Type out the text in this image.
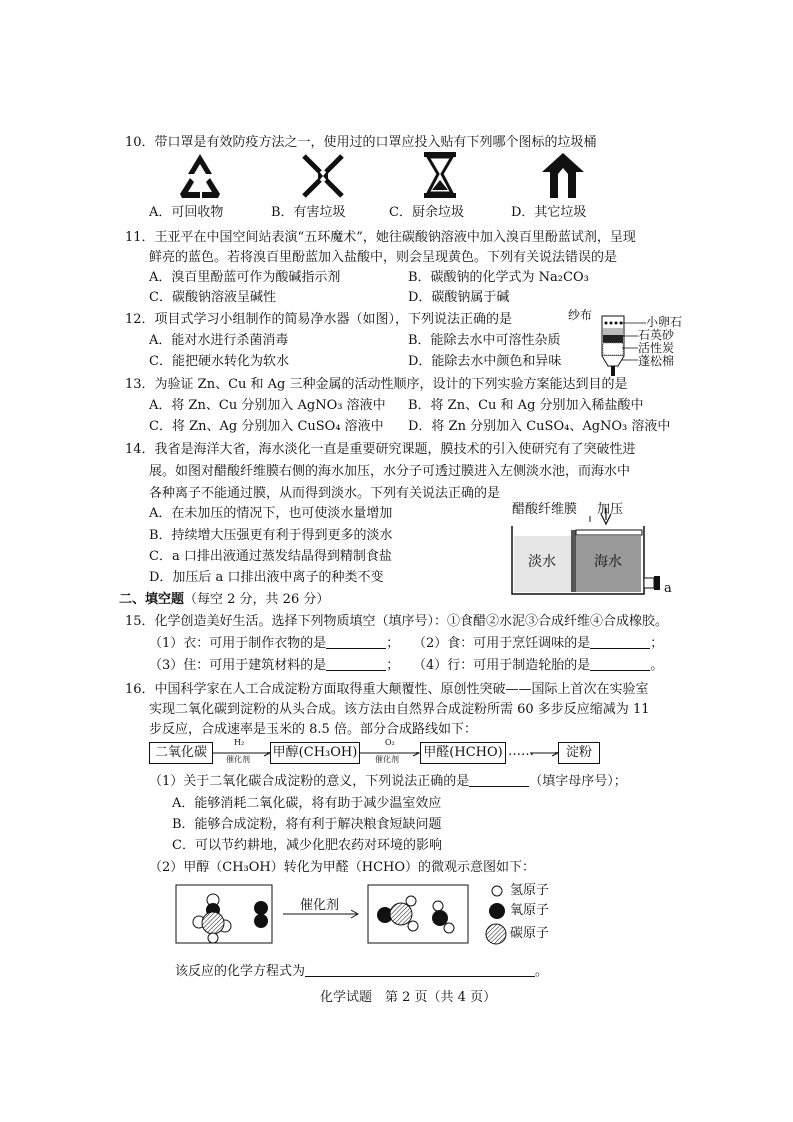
10．带口罩是有效防疫方法之一，使用过的口罩应投入贴有下列哪个图标的垃圾桶
A．可回收物	B．有害垃圾	C．厨余垃圾	D．其它垃圾
11．王亚平在中国空间站表演“五环魔术”，她往碳酸钠溶液中加入溴百里酚蓝试剂，呈现
鲜亮的蓝色。若将溴百里酚蓝加入盐酸中，则会呈现黄色。下列有关说法错误的是
A．溴百里酚蓝可作为酸碱指示剂	B．碳酸钠的化学式为 Na₂CO₃
C．碳酸钠溶液呈碱性	D．碳酸钠属于碱
12．项目式学习小组制作的简易净水器（如图），下列说法正确的是
A．能对水进行杀菌消毒	B．能除去水中可溶性杂质
C．能把硬水转化为软水	D．能除去水中颜色和异味
纱布	小卵石
石英砂
活性炭
蓬松棉
13．为验证 Zn、Cu 和 Ag 三种金属的活动性顺序，设计的下列实验方案能达到目的是
A．将 Zn、Cu 分别加入 AgNO₃ 溶液中 B．将 Zn、Cu 和 Ag 分别加入稀盐酸中
C．将 Zn、Ag 分别加入 CuSO₄ 溶液中 D．将 Zn 分别加入 CuSO₄、AgNO₃ 溶液中
14．我省是海洋大省，海水淡化一直是重要研究课题，膜技术的引入使研究有了突破性进
展。如图对醋酸纤维膜右侧的海水加压，水分子可透过膜进入左侧淡水池，而海水中
各种离子不能通过膜，从而得到淡水。下列有关说法正确的是
A．在未加压的情况下，也可使淡水量增加
B．持续增大压强更有利于得到更多的淡水
C．a 口排出液通过蒸发结晶得到精制食盐
D．加压后 a 口排出液中离子的种类不变
醋酸纤维膜 加压
淡水	海水
a
二、填空题（每空 2 分，共 26 分）
15．化学创造美好生活。选择下列物质填空（填序号）：①食醋②水泥③合成纤维④合成橡胶。
（1）衣：可用于制作衣物的是	； （2）食：可用于烹饪调味的是	；
（3）住：可用于建筑材料的是	； （4）行：可用于制造轮胎的是	。
16．中国科学家在人工合成淀粉方面取得重大颠覆性、原创性突破——国际上首次在实验室
实现二氧化碳到淀粉的从头合成。该方法由自然界合成淀粉所需 60 多步反应缩减为 11
步反应，合成速率是玉米的 8.5 倍。部分合成路线如下：
二氧化碳
H₂
催化剂 甲醇(CH₃OH)
O₂
催化剂 甲醛(HCHO) ……	淀粉
（1）关于二氧化碳合成淀粉的意义，下列说法正确的是	（填字母序号）；
A．能够消耗二氧化碳，将有助于减少温室效应
B．能够合成淀粉，将有利于解决粮食短缺问题
C．可以节约耕地，减少化肥农药对环境的影响
（2）甲醇（CH₃OH）转化为甲醛（HCHO）的微观示意图如下：
催化剂
氢原子
氧原子
碳原子
该反应的化学方程式为	。
化学试题　第 2 页（共 4 页）
